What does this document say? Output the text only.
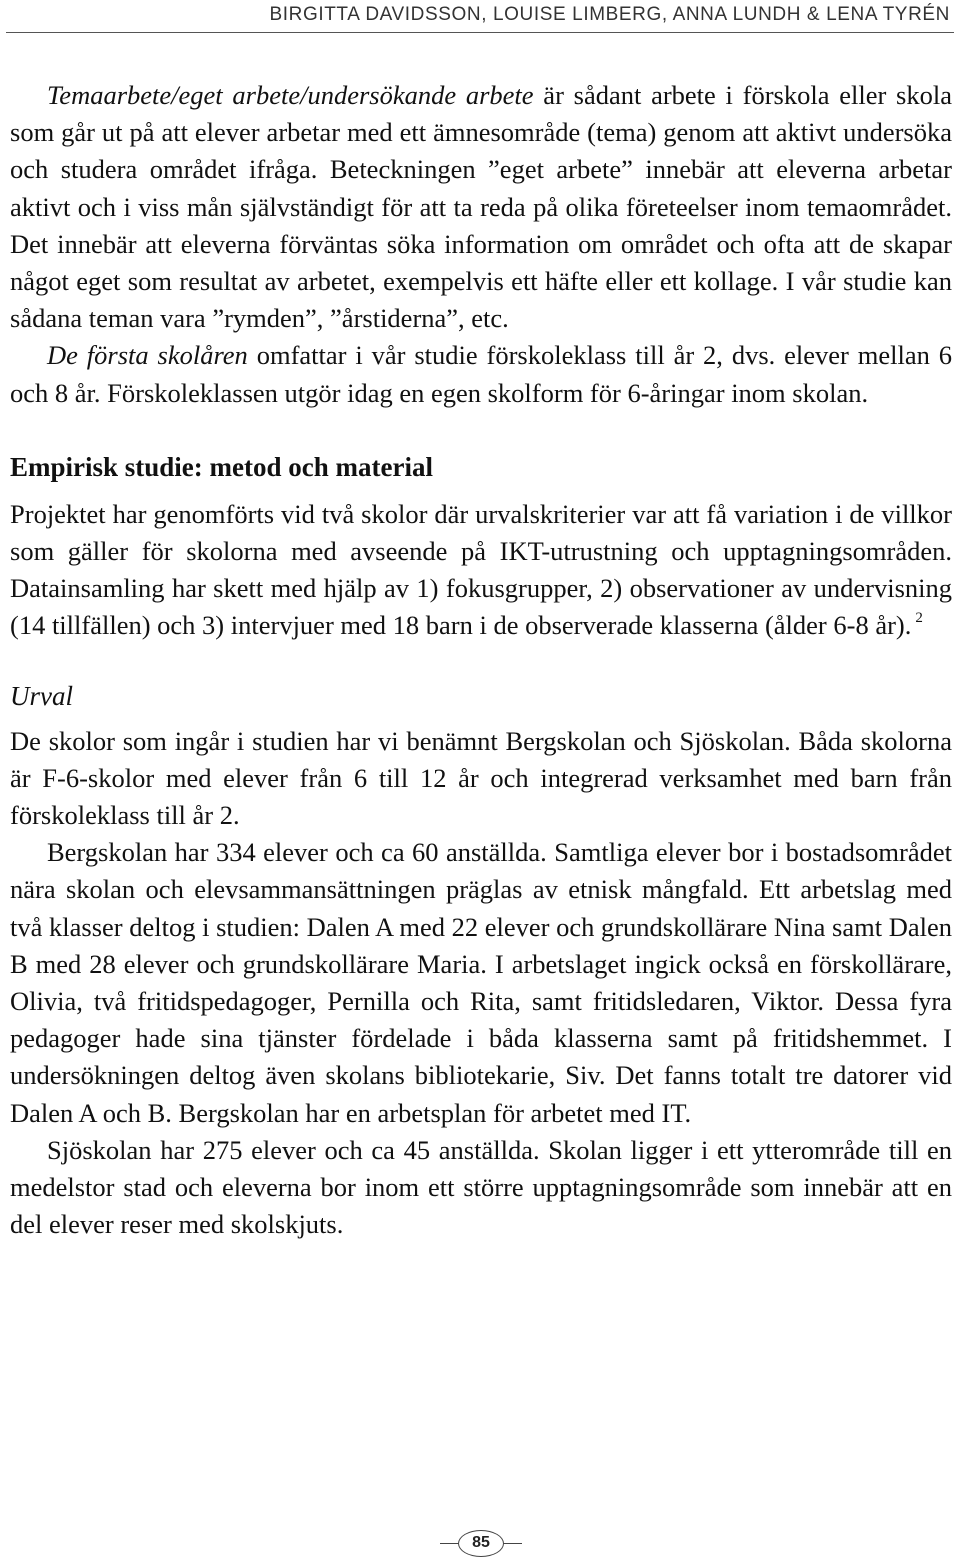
BIRGITTA DAVIDSSON, LOUISE LIMBERG, ANNA LUNDH & LENA TYRÉN

Temaarbete/eget arbete/undersökande arbete är sådant arbete i förskola eller skola som går ut på att elever arbetar med ett ämnesområde (tema) genom att aktivt undersöka och studera området ifråga. Beteckningen ”eget arbete” innebär att eleverna arbetar aktivt och i viss mån självständigt för att ta reda på olika företeelser inom temaområdet. Det innebär att eleverna förväntas söka information om området och ofta att de skapar något eget som resultat av arbetet, exempelvis ett häfte eller ett kollage. I vår studie kan sådana teman vara ”rymden”, ”årstiderna”, etc.

De första skolåren omfattar i vår studie förskoleklass till år 2, dvs. elever mellan 6 och 8 år. Förskoleklassen utgör idag en egen skolform för 6-åringar inom skolan.

Empirisk studie: metod och material

Projektet har genomförts vid två skolor där urvalskriterier var att få variation i de villkor som gäller för skolorna med avseende på IKT-utrustning och upptagningsområden. Datainsamling har skett med hjälp av 1) fokusgrupper, 2) observationer av undervisning (14 tillfällen) och 3) intervjuer med 18 barn i de observerade klasserna (ålder 6-8 år). $^2$

Urval

De skolor som ingår i studien har vi benämnt Bergskolan och Sjöskolan. Båda skolorna är F-6-skolor med elever från 6 till 12 år och integrerad verksamhet med barn från förskoleklass till år 2.

Bergskolan har 334 elever och ca 60 anställda. Samtliga elever bor i bostadsområdet nära skolan och elevsammansättningen präglas av etnisk mångfald. Ett arbetslag med två klasser deltog i studien: Dalen A med 22 elever och grundskollärare Nina samt Dalen B med 28 elever och grundskollärare Maria. I arbetslaget ingick också en förskollärare, Olivia, två fritidspedagoger, Pernilla och Rita, samt fritidsledaren, Viktor. Dessa fyra pedagoger hade sina tjänster fördelade i båda klasserna samt på fritidshemmet. I undersökningen deltog även skolans bibliotekarie, Siv. Det fanns totalt tre datorer vid Dalen A och B. Bergskolan har en arbetsplan för arbetet med IT.

Sjöskolan har 275 elever och ca 45 anställda. Skolan ligger i ett ytterområde till en medelstor stad och eleverna bor inom ett större upptagningsområde som innebär att en del elever reser med skolskjuts.

85
